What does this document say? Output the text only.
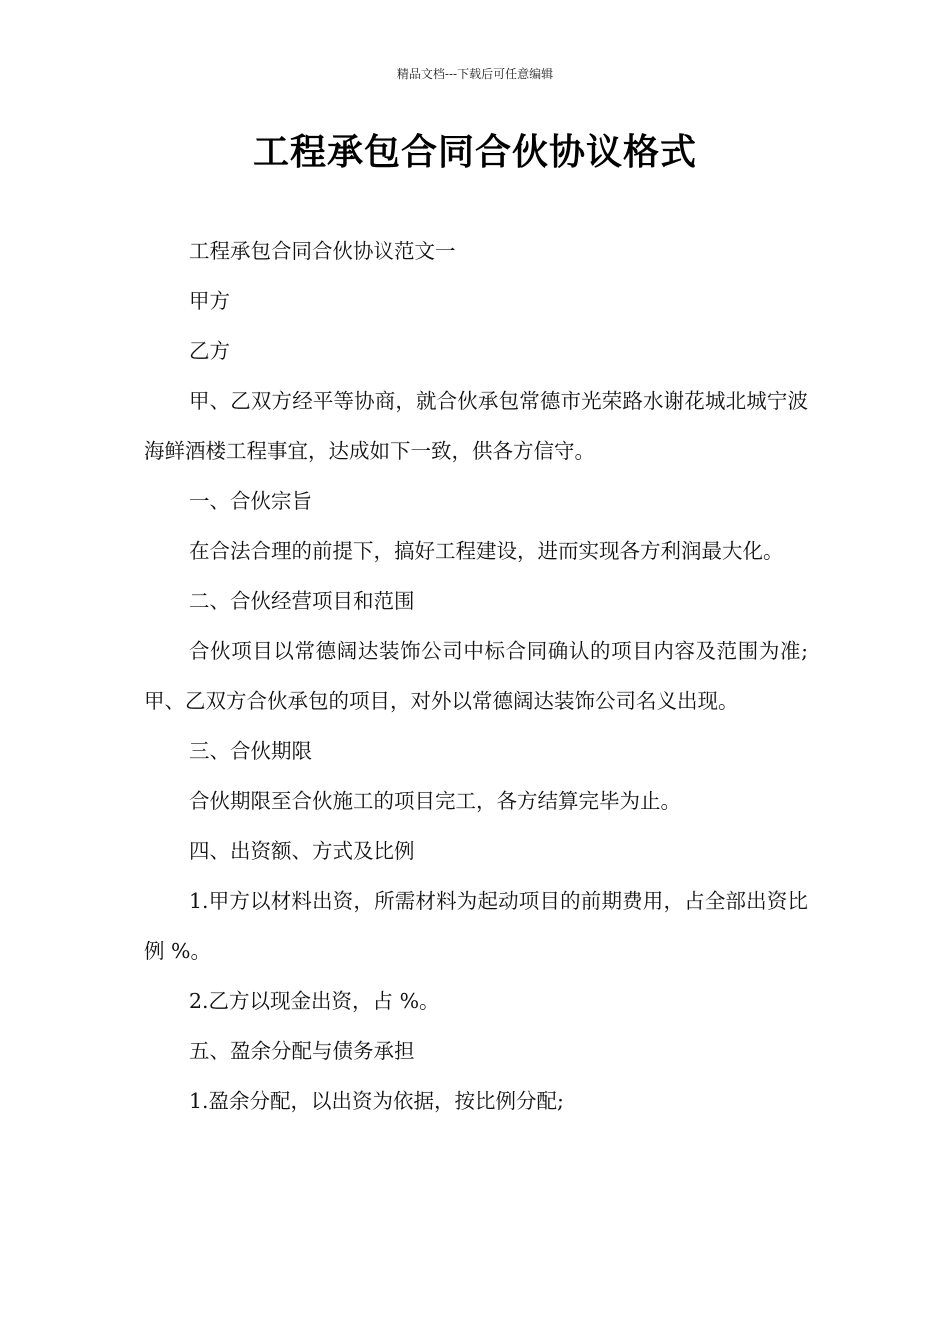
精品文档---下载后可任意编辑
工程承包合同合伙协议格式

工程承包合同合伙协议范文一

甲方

乙方

甲、乙双方经平等协商，就合伙承包常德市光荣路水谢花城北城宁波海鲜酒楼工程事宜，达成如下一致，供各方信守。

一、合伙宗旨

在合法合理的前提下，搞好工程建设，进而实现各方利润最大化。

二、合伙经营项目和范围

合伙项目以常德阔达装饰公司中标合同确认的项目内容及范围为准;甲、乙双方合伙承包的项目，对外以常德阔达装饰公司名义出现。

三、合伙期限

合伙期限至合伙施工的项目完工，各方结算完毕为止。

四、出资额、方式及比例

1.甲方以材料出资，所需材料为起动项目的前期费用，占全部出资比例 %。

2.乙方以现金出资，占 %。

五、盈余分配与债务承担

1.盈余分配，以出资为依据，按比例分配;
